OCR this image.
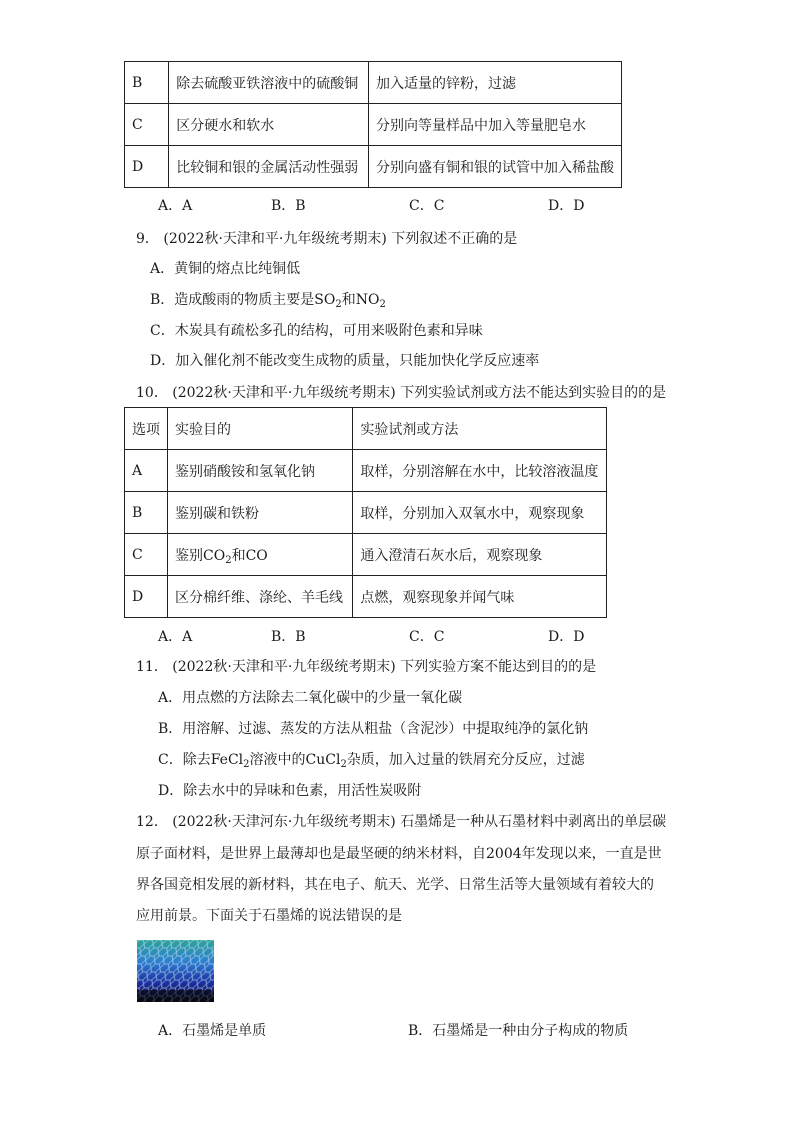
B	除去硫酸亚铁溶液中的硫酸铜	加入适量的锌粉，过滤
C	区分硬水和软水	分别向等量样品中加入等量肥皂水
D	比较铜和银的金属活动性强弱	分别向盛有铜和银的试管中加入稀盐酸
A．A	B．B	C．C	D．D
9． (2022秋·天津和平·九年级统考期末) 下列叙述不正确的是
A．黄铜的熔点比纯铜低
B．造成酸雨的物质主要是$SO_2$和$NO_2$
C．木炭具有疏松多孔的结构，可用来吸附色素和异味
D．加入催化剂不能改变生成物的质量，只能加快化学反应速率
10． (2022秋·天津和平·九年级统考期末) 下列实验试剂或方法不能达到实验目的的是
选项	实验目的	实验试剂或方法
A	鉴别硝酸铵和氢氧化钠	取样，分别溶解在水中，比较溶液温度
B	鉴别碳和铁粉	取样，分别加入双氧水中，观察现象
C	鉴别$CO_2$和CO	通入澄清石灰水后，观察现象
D	区分棉纤维、涤纶、羊毛线	点燃，观察现象并闻气味
A．A	B．B	C．C	D．D
11． (2022秋·天津和平·九年级统考期末) 下列实验方案不能达到目的的是
A．用点燃的方法除去二氧化碳中的少量一氧化碳
B．用溶解、过滤、蒸发的方法从粗盐（含泥沙）中提取纯净的氯化钠
C．除去FeCl$_2$溶液中的CuCl$_2$杂质，加入过量的铁屑充分反应，过滤
D．除去水中的异味和色素，用活性炭吸附
12． (2022秋·天津河东·九年级统考期末) 石墨烯是一种从石墨材料中剥离出的单层碳
原子面材料，是世界上最薄却也是最坚硬的纳米材料，自2004年发现以来，一直是世
界各国竞相发展的新材料，其在电子、航天、光学、日常生活等大量领域有着较大的
应用前景。下面关于石墨烯的说法错误的是
A．石墨烯是单质	B．石墨烯是一种由分子构成的物质
